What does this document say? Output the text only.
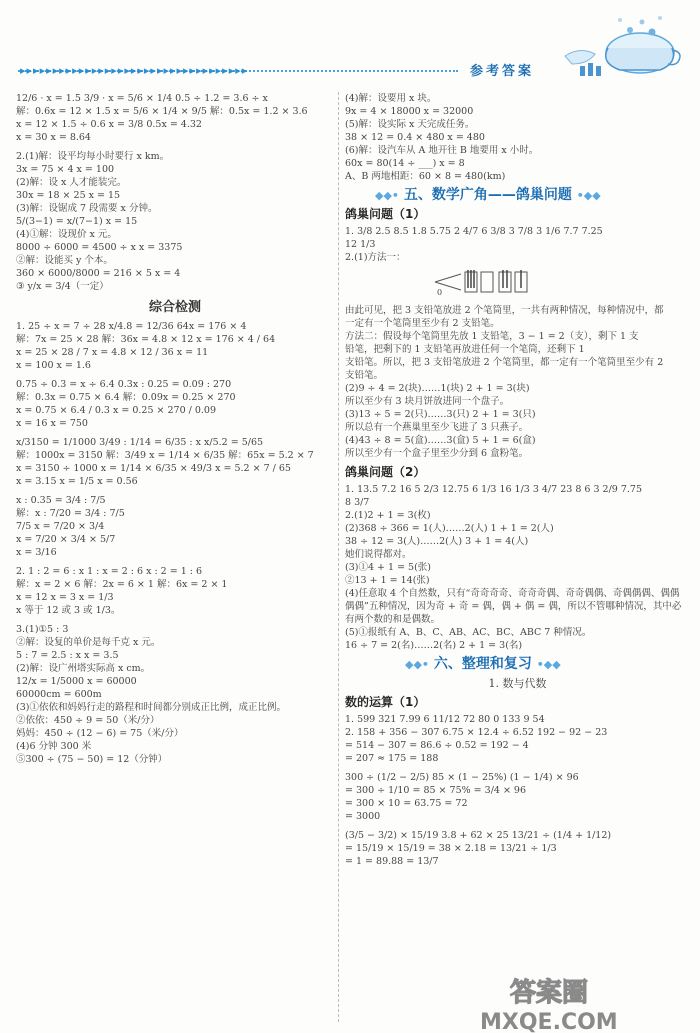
▸▸▸▸▸▸▸▸▸▸▸▸▸▸▸▸▸▸▸▸▸▸▸▸▸▸▸▸▸▸▸▸▸▸▸	参考答案

12/6 · x = 1.5 3/9 · x = 5/6 × 1/4 0.5 ÷ 1.2 = 3.6 ÷ x

解：0.6x = 12 × 1.5 x = 5/6 × 1/4 × 9/5 解：0.5x = 1.2 × 3.6

x = 12 × 1.5 ÷ 0.6 x = 3/8 0.5x = 4.32

x = 30 x = 8.64

2.(1)解：设平均每小时要行 x km。

3x = 75 × 4 x = 100

(2)解：设 x 人才能装完。

30x = 18 × 25 x = 15

(3)解：设锯成 7 段需要 x 分钟。

5/(3−1) = x/(7−1) x = 15

(4)①解：设现价 x 元。

8000 ÷ 6000 = 4500 ÷ x x = 3375

②解：设能买 y 个本。

360 × 6000/8000 = 216 × 5 x = 4

③ y/x = 3/4（一定）

综合检测

1. 25 ÷ x = 7 ÷ 28 x/4.8 = 12/36 64x = 176 × 4

解：7x = 25 × 28 解：36x = 4.8 × 12 x = 176 × 4 / 64

x = 25 × 28 / 7 x = 4.8 × 12 / 36 x = 11

x = 100 x = 1.6

0.75 ÷ 0.3 = x ÷ 6.4 0.3x : 0.25 = 0.09 : 270

解：0.3x = 0.75 × 6.4 解：0.09x = 0.25 × 270

x = 0.75 × 6.4 / 0.3 x = 0.25 × 270 / 0.09

x = 16 x = 750

x/3150 = 1/1000 3/49 : 1/14 = 6/35 : x x/5.2 = 5/65

解：1000x = 3150 解：3/49 x = 1/14 × 6/35 解：65x = 5.2 × 7

x = 3150 ÷ 1000 x = 1/14 × 6/35 × 49/3 x = 5.2 × 7 / 65

x = 3.15 x = 1/5 x = 0.56

x : 0.35 = 3/4 : 7/5

解：x : 7/20 = 3/4 : 7/5

7/5 x = 7/20 × 3/4

x = 7/20 × 3/4 × 5/7

x = 3/16

2. 1 : 2 = 6 : x 1 : x = 2 : 6 x : 2 = 1 : 6

解：x = 2 × 6 解：2x = 6 × 1 解：6x = 2 × 1

x = 12 x = 3 x = 1/3

x 等于 12 或 3 或 1/3。

3.(1)①5 : 3

②解：设复的单价是每千克 x 元。

5 : 7 = 2.5 : x x = 3.5

(2)解：设广州塔实际高 x cm。

12/x = 1/5000 x = 60000

60000cm = 600m

(3)①依依和妈妈行走的路程和时间都分别成正比例，成正比例。

②依依：450 ÷ 9 = 50（米/分）

妈妈：450 ÷ (12 − 6) = 75（米/分）

(4)6 分钟 300 米

⑤300 ÷ (75 − 50) = 12（分钟）

(4)解：设要用 x 块。

9x = 4 × 18000 x = 32000

(5)解：设实际 x 天完成任务。

38 × 12 = 0.4 × 480 x = 480

(6)解：设汽车从 A 地开往 B 地要用 x 小时。

60x = 80(14 ÷ ___) x = 8

A、B 两地相距：60 × 8 = 480(km)

◆◆• 五、数学广角——鸽巢问题 •◆◆
鸽巢问题（1）

1. 3/8 2.5 8.5 1.8 5.75 2 4/7 6 3/8 3 7/8 3 1/6 7.7 7.25

12 1/3

2.(1)方法一：

0

由此可见，把 3 支铅笔放进 2 个笔筒里，一共有两种情况，每种情况中，都

一定有一个笔筒里至少有 2 支铅笔。

方法二：假设每个笔筒里先放 1 支铅笔，3 − 1 = 2（支），剩下 1 支

铅笔，把剩下的 1 支铅笔再放进任何一个笔筒，还剩下 1

支铅笔。所以，把 3 支铅笔放进 2 个笔筒里，都一定有一个笔筒里至少有 2

支铅笔。

(2)9 ÷ 4 = 2(块)……1(块) 2 + 1 = 3(块)

所以至少有 3 块月饼放进同一个盘子。

(3)13 ÷ 5 = 2(只)……3(只) 2 + 1 = 3(只)

所以总有一个燕巢里至少飞进了 3 只燕子。

(4)43 ÷ 8 = 5(盒)……3(盒) 5 + 1 = 6(盒)

所以至少有一个盒子里至少分到 6 盒粉笔。

鸽巢问题（2）

1. 13.5 7.2 16 5 2/3 12.75 6 1/3 16 1/3 3 4/7 23 8 6 3 2/9 7.75

8 3/7

2.(1)2 + 1 = 3(枚)

(2)368 ÷ 366 = 1(人)……2(人) 1 + 1 = 2(人)

38 ÷ 12 = 3(人)……2(人) 3 + 1 = 4(人)

她们说得都对。

(3)①4 + 1 = 5(张)

②13 + 1 = 14(张)

(4)任意取 4 个自然数，只有“奇奇奇奇、奇奇奇偶、奇奇偶偶、奇偶偶偶、偶偶

偶偶”五种情况，因为奇 + 奇 = 偶，偶 + 偶 = 偶，所以不管哪种情况，其中必

有两个数的和是偶数。

(5)①报纸有 A、B、C、AB、AC、BC、ABC 7 种情况。

16 ÷ 7 = 2(名)……2(名) 2 + 1 = 3(名)

◆◆• 六、整理和复习 •◆◆
1. 数与代数
数的运算（1）

1. 599 321 7.99 6 11/12 72 80 0 133 9 54

2. 158 + 356 − 307 6.75 × 12.4 ÷ 6.52 192 − 92 − 23

= 514 − 307 = 86.6 ÷ 0.52 = 192 − 4

= 207 ≈ 175 = 188

300 ÷ (1/2 − 2/5) 85 × (1 − 25%) (1 − 1/4) × 96

= 300 ÷ 1/10 = 85 × 75% = 3/4 × 96

= 300 × 10 = 63.75 = 72

= 3000

(3/5 − 3/2) × 15/19 3.8 + 62 × 25 13/21 ÷ (1/4 + 1/12)

= 15/19 × 15/19 = 38 × 2.18 = 13/21 ÷ 1/3

= 1 = 89.88 = 13/7

答案圈
MXQE.COM
